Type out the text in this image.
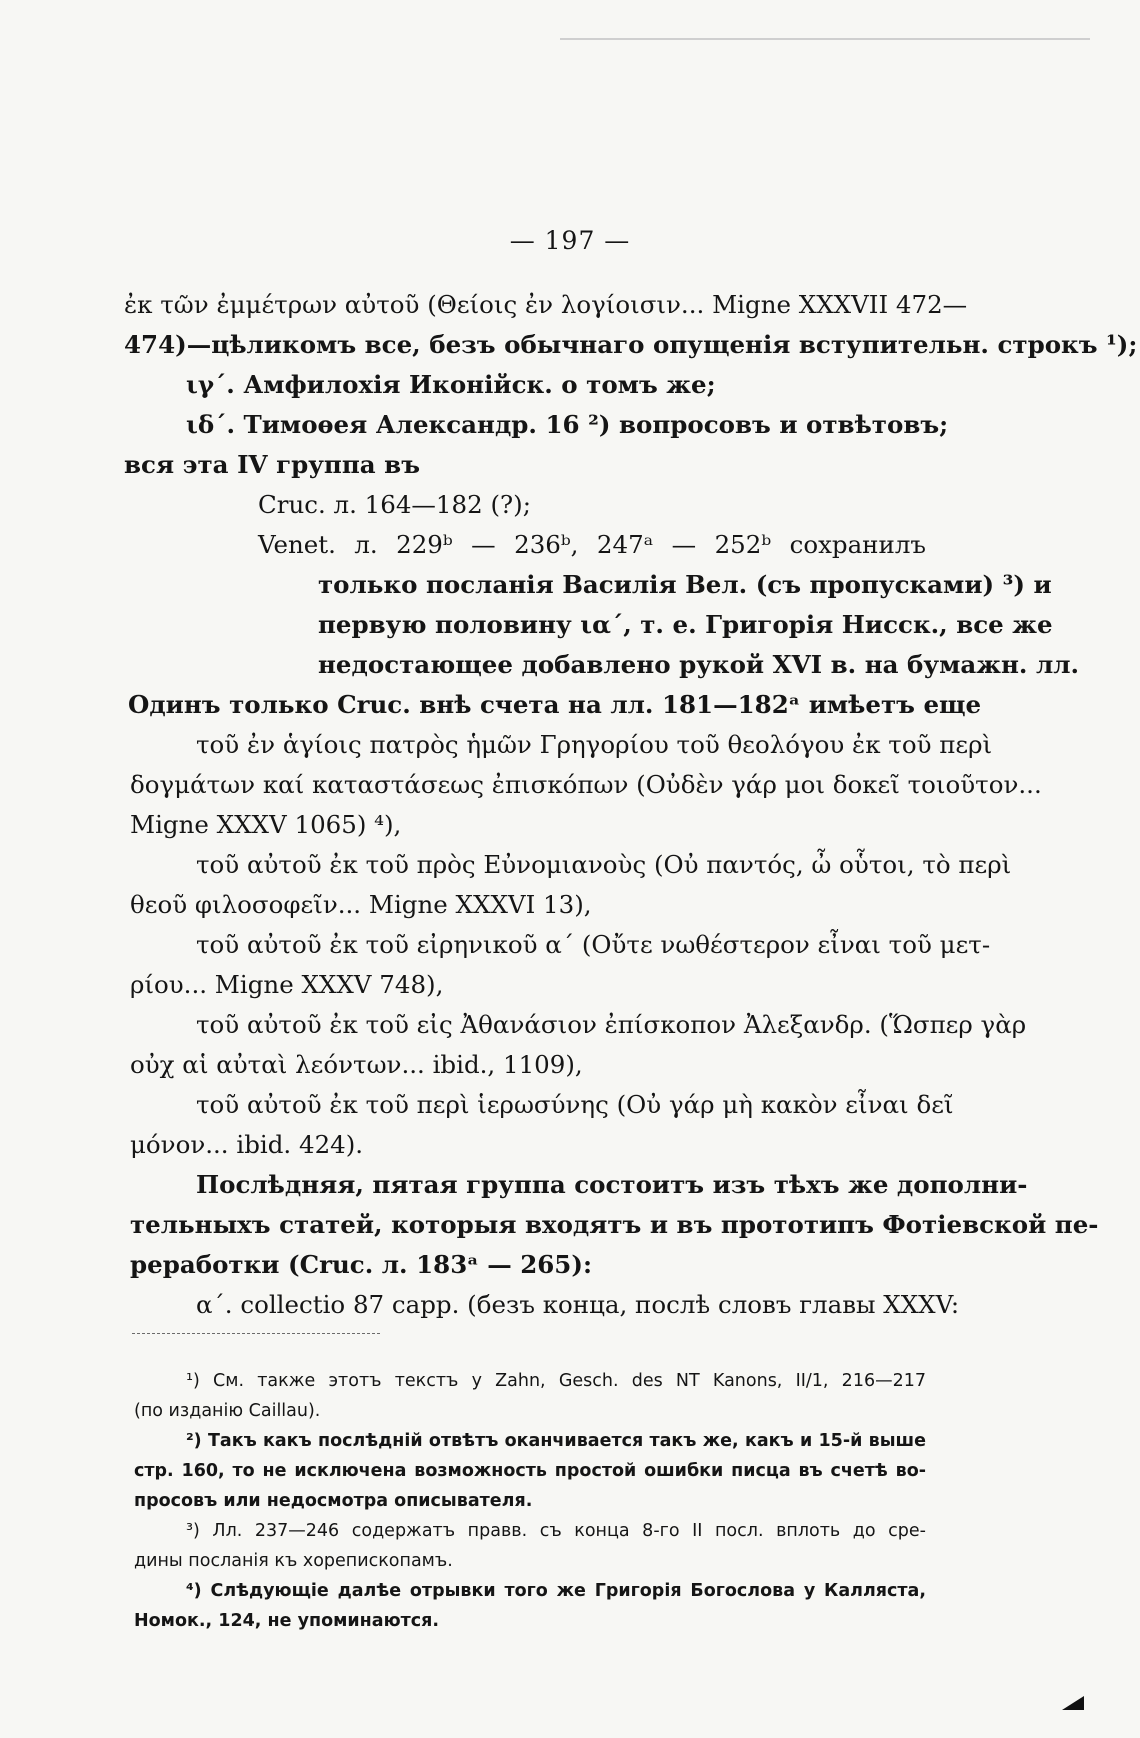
— 197 —
ἐκ τῶν ἐμμέτρων αὐτοῦ (Θείοις ἐν λογίοισιν... Migne XXXVII 472—
474)—цѣликомъ все, безъ обычнаго опущенія вступительн. строкъ ¹);
ιγ΄. Амфилохія Иконійск. о томъ же;
ιδ΄. Тимоѳея Александр. 16 ²) вопросовъ и отвѣтовъ;
вся эта IV группа въ
Cruc. л. 164—182 (?);
Venet. л. 229ᵇ — 236ᵇ, 247ᵃ — 252ᵇ сохранилъ
только посланія Василія Вел. (съ пропусками) ³) и
первую половину ια΄, т. е. Григорія Нисск., все же
недостающее добавлено рукой XVI в. на бумажн. лл.
Одинъ только Cruc. внѣ счета на лл. 181—182ᵃ имѣетъ еще
τοῦ ἐν ἁγίοις πατρὸς ἡμῶν Γρηγορίου τοῦ θεολόγου ἐκ τοῦ περὶ
δογμάτων καί καταστάσεως ἐπισκόπων (Οὐδὲν γάρ μοι δοκεῖ τοιοῦτον...
Migne XXXV 1065) ⁴),
τοῦ αὐτοῦ ἐκ τοῦ πρὸς Εὐνομιανοὺς (Οὐ παντός, ὦ οὗτοι, τὸ περὶ
θεοῦ φιλοσοφεῖν... Migne XXXVI 13),
τοῦ αὐτοῦ ἐκ τοῦ εἰρηνικοῦ α΄ (Οὔτε νωθέστερον εἶναι τοῦ μετ-
ρίου... Migne XXXV 748),
τοῦ αὐτοῦ ἐκ τοῦ εἰς Ἀθανάσιον ἐπίσκοπον Ἀλεξανδρ. (Ὥσπερ γὰρ
οὐχ αἱ αὐταὶ λεόντων... ibid., 1109),
τοῦ αὐτοῦ ἐκ τοῦ περὶ ἱερωσύνης (Οὐ γάρ μὴ κακὸν εἶναι δεῖ
μόνον... ibid. 424).
Послѣдняя, пятая группа состоитъ изъ тѣхъ же дополни-
тельныхъ статей, которыя входятъ и въ прототипъ Фотіевской пе-
реработки (Cruc. л. 183ᵃ — 265):
α΄. collectio 87 capp. (безъ конца, послѣ словъ главы XXXV:
¹) См. также этотъ текстъ у Zahn, Gesch. des NT Kanons, II/1, 216—217
(по изданію Caillau).
²) Такъ какъ послѣдній отвѣтъ оканчивается такъ же, какъ и 15-й выше
стр. 160, то не исключена возможность простой ошибки писца въ счетѣ во-
просовъ или недосмотра описывателя.
³) Лл. 237—246 содержатъ правв. съ конца 8-го II посл. вплоть до сре-
дины посланія къ хорепископамъ.
⁴) Слѣдующіе далѣе отрывки того же Григорія Богослова у Калляста,
Номок., 124, не упоминаются.
